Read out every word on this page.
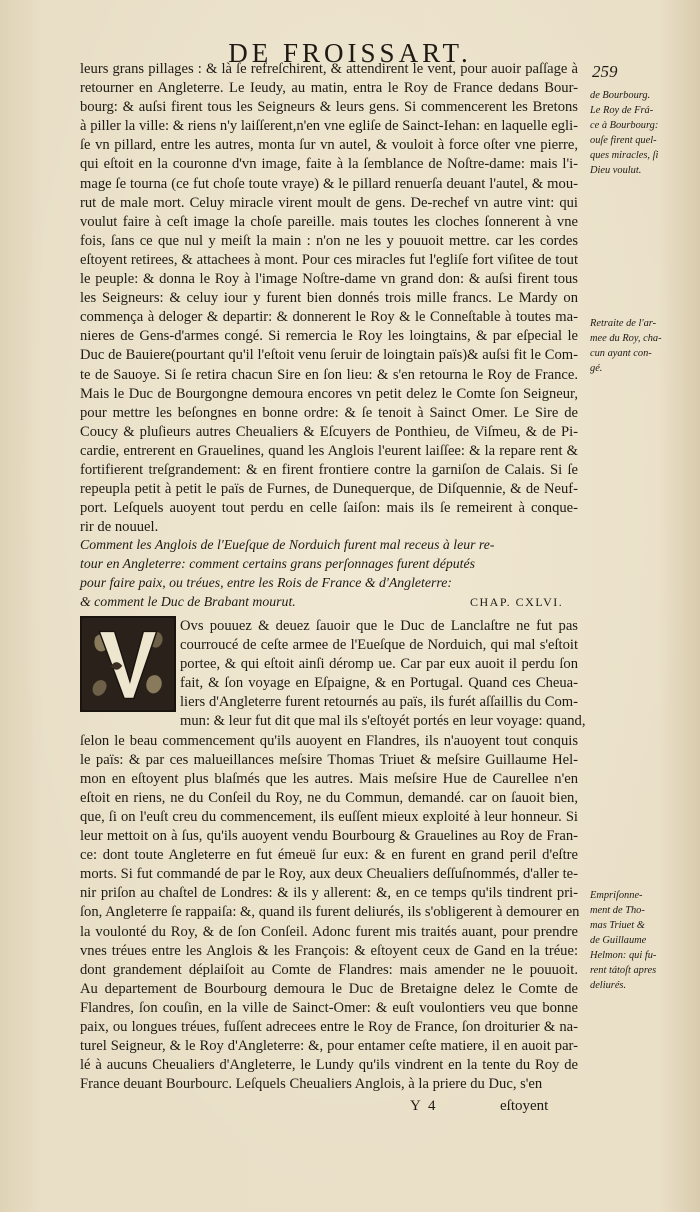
DE FROISSART.
259
leurs grans pillages : & là ſe refreſchirent, & attendirent le vent, pour auoir paſſage à
retourner en Angleterre. Le Ieudy, au matin, entra le Roy de France dedans Bour-
bourg: & auſsi firent tous les Seigneurs & leurs gens. Si commencerent les Bretons
à piller la ville: & riens n'y laiſſerent,n'en vne egliſe de Sainct-Iehan: en laquelle egli-
ſe vn pillard, entre les autres, monta ſur vn autel, & vouloit à force oſter vne pierre,
qui eſtoit en la couronne d'vn image, faite à la ſemblance de Noſtre-dame: mais l'i-
mage ſe tourna (ce fut choſe toute vraye) & le pillard renuerſa deuant l'autel, & mou-
rut de male mort. Celuy miracle virent moult de gens. De-rechef vn autre vint: qui
voulut faire à ceſt image la choſe pareille. mais toutes les cloches ſonnerent à vne
fois, ſans ce que nul y meiſt la main : n'on ne les y pouuoit mettre. car les cordes
eſtoyent retirees, & attachees à mont. Pour ces miracles fut l'egliſe fort viſitee de tout
le peuple: & donna le Roy à l'image Noſtre-dame vn grand don: & auſsi firent tous
les Seigneurs: & celuy iour y furent bien donnés trois mille francs. Le Mardy on
commença à deloger & departir: & donnerent le Roy & le Conneſtable à toutes ma-
nieres de Gens-d'armes congé. Si remercia le Roy les loingtains, & par eſpecial le
Duc de Bauiere(pourtant qu'il l'eſtoit venu ſeruir de loingtain païs)& auſsi fit le Com-
te de Sauoye. Si ſe retira chacun Sire en ſon lieu: & s'en retourna le Roy de France.
Mais le Duc de Bourgongne demoura encores vn petit delez le Comte ſon Seigneur,
pour mettre les beſongnes en bonne ordre: & ſe tenoit à Sainct Omer. Le Sire de
Coucy & pluſieurs autres Cheualiers & Eſcuyers de Ponthieu, de Viſmeu, & de Pi-
cardie, entrerent en Grauelines, quand les Anglois l'eurent laiſſee: & la repare rent &
fortifierent treſgrandement: & en firent frontiere contre la garniſon de Calais. Si ſe
repeupla petit à petit le païs de Furnes, de Dunequerque, de Diſquennie, & de Neuf-
port. Leſquels auoyent tout perdu en celle ſaiſon: mais ils ſe remeirent à conque-
rir de nouuel.
Comment les Anglois de l'Eueſque de Norduich furent mal receus à leur re-
tour en Angleterre: comment certains grans perſonnages furent députés
pour faire paix, ou tréues, entre les Rois de France & d'Angleterre:
& comment le Duc de Brabant mourut.	CHAP. CXLVI.
Ovs pouuez & deuez ſauoir que le Duc de Lanclaſtre ne fut pas
courroucé de ceſte armee de l'Eueſque de Norduich, qui mal s'eſtoit
portee, & qui eſtoit ainſi déromp ue. Car par eux auoit il perdu ſon
fait, & ſon voyage en Eſpaigne, & en Portugal. Quand ces Cheua-
liers d'Angleterre furent retournés au païs, ils furét aſſaillis du Com-
mun: & leur fut dit que mal ils s'eſtoyét portés en leur voyage: quand,
ſelon le beau commencement qu'ils auoyent en Flandres, ils n'auoyent tout conquis
le païs: & par ces malueillances meſsire Thomas Triuet & meſsire Guillaume Hel-
mon en eſtoyent plus blaſmés que les autres. Mais meſsire Hue de Caurellee n'en
eſtoit en riens, ne du Conſeil du Roy, ne du Commun, demandé. car on ſauoit bien,
que, ſi on l'euſt creu du commencement, ils euſſent mieux exploité à leur honneur. Si
leur mettoit on à ſus, qu'ils auoyent vendu Bourbourg & Grauelines au Roy de Fran-
ce: dont toute Angleterre en fut émeuë ſur eux: & en furent en grand peril d'eſtre
morts. Si fut commandé de par le Roy, aux deux Cheualiers deſſuſnommés, d'aller te-
nir priſon au chaſtel de Londres: & ils y allerent: &, en ce temps qu'ils tindrent pri-
ſon, Angleterre ſe rappaiſa: &, quand ils furent deliurés, ils s'obligerent à demourer en
la voulonté du Roy, & de ſon Conſeil. Adonc furent mis traités auant, pour prendre
vnes tréues entre les Anglois & les François: & eſtoyent ceux de Gand en la tréue:
dont grandement déplaiſoit au Comte de Flandres: mais amender ne le pouuoit.
Au departement de Bourbourg demoura le Duc de Bretaigne delez le Comte de
Flandres, ſon couſin, en la ville de Sainct-Omer: & euſt voulontiers veu que bonne
paix, ou longues tréues, fuſſent adrecees entre le Roy de France, ſon droiturier & na-
turel Seigneur, & le Roy d'Angleterre: &, pour entamer ceſte matiere, il en auoit par-
lé à aucuns Cheualiers d'Angleterre, le Lundy qu'ils vindrent en la tente du Roy de
France deuant Bourbourc. Leſquels Cheualiers Anglois, à la priere du Duc, s'en
de Bourbourg.
Le Roy de Frá-
ce à Bourbourg:
ouſe firent quel-
ques miracles, ſi
Dieu voulut.
Retraite de l'ar-
mee du Roy, cha-
cun ayant con-
gé.
Empriſonne-
ment de Tho-
mas Triuet &
de Guillaume
Helmon: qui fu-
rent tátoſt apres
deliurés.
Y 4	eſtoyent
